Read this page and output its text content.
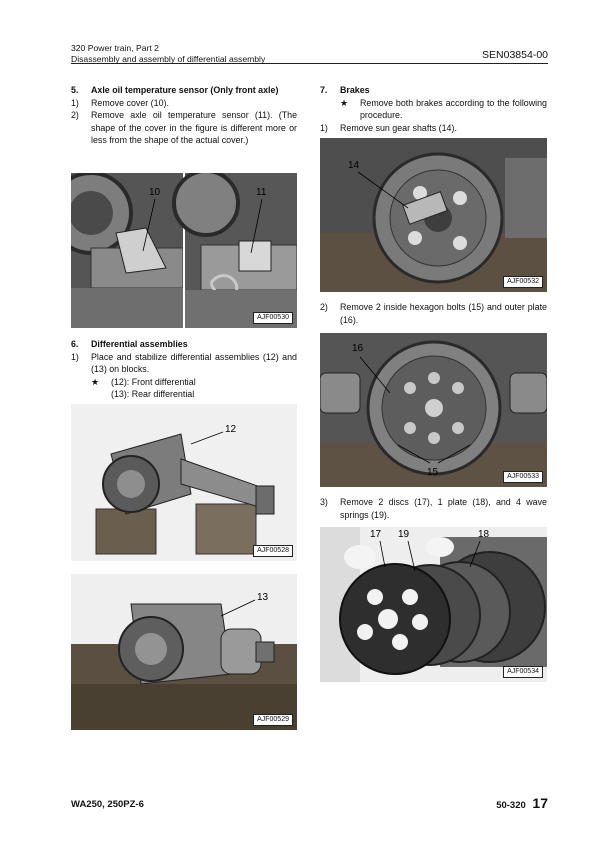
320 Power train, Part 2
Disassembly and assembly of differential assembly	SEN03854-00
5. Axle oil temperature sensor (Only front axle)
1) Remove cover (10).
2) Remove axle oil temperature sensor (11). (The shape of the cover in the figure is different more or less from the shape of the actual cover.)
10	11
AJF00530
6. Differential assemblies
1) Place and stabilize differential assemblies (12) and (13) on blocks.
★ (12): Front differential
(13): Rear differential
12
AJF00528
13
AJF00529
7. Brakes
★ Remove both brakes according to the following procedure.
1) Remove sun gear shafts (14).
14
AJF00532
2) Remove 2 inside hexagon bolts (15) and outer plate (16).
16
15	AJF00533
3) Remove 2 discs (17), 1 plate (18), and 4 wave springs (19).
17 19	18
AJF00534
WA250, 250PZ-6	50-320 17
